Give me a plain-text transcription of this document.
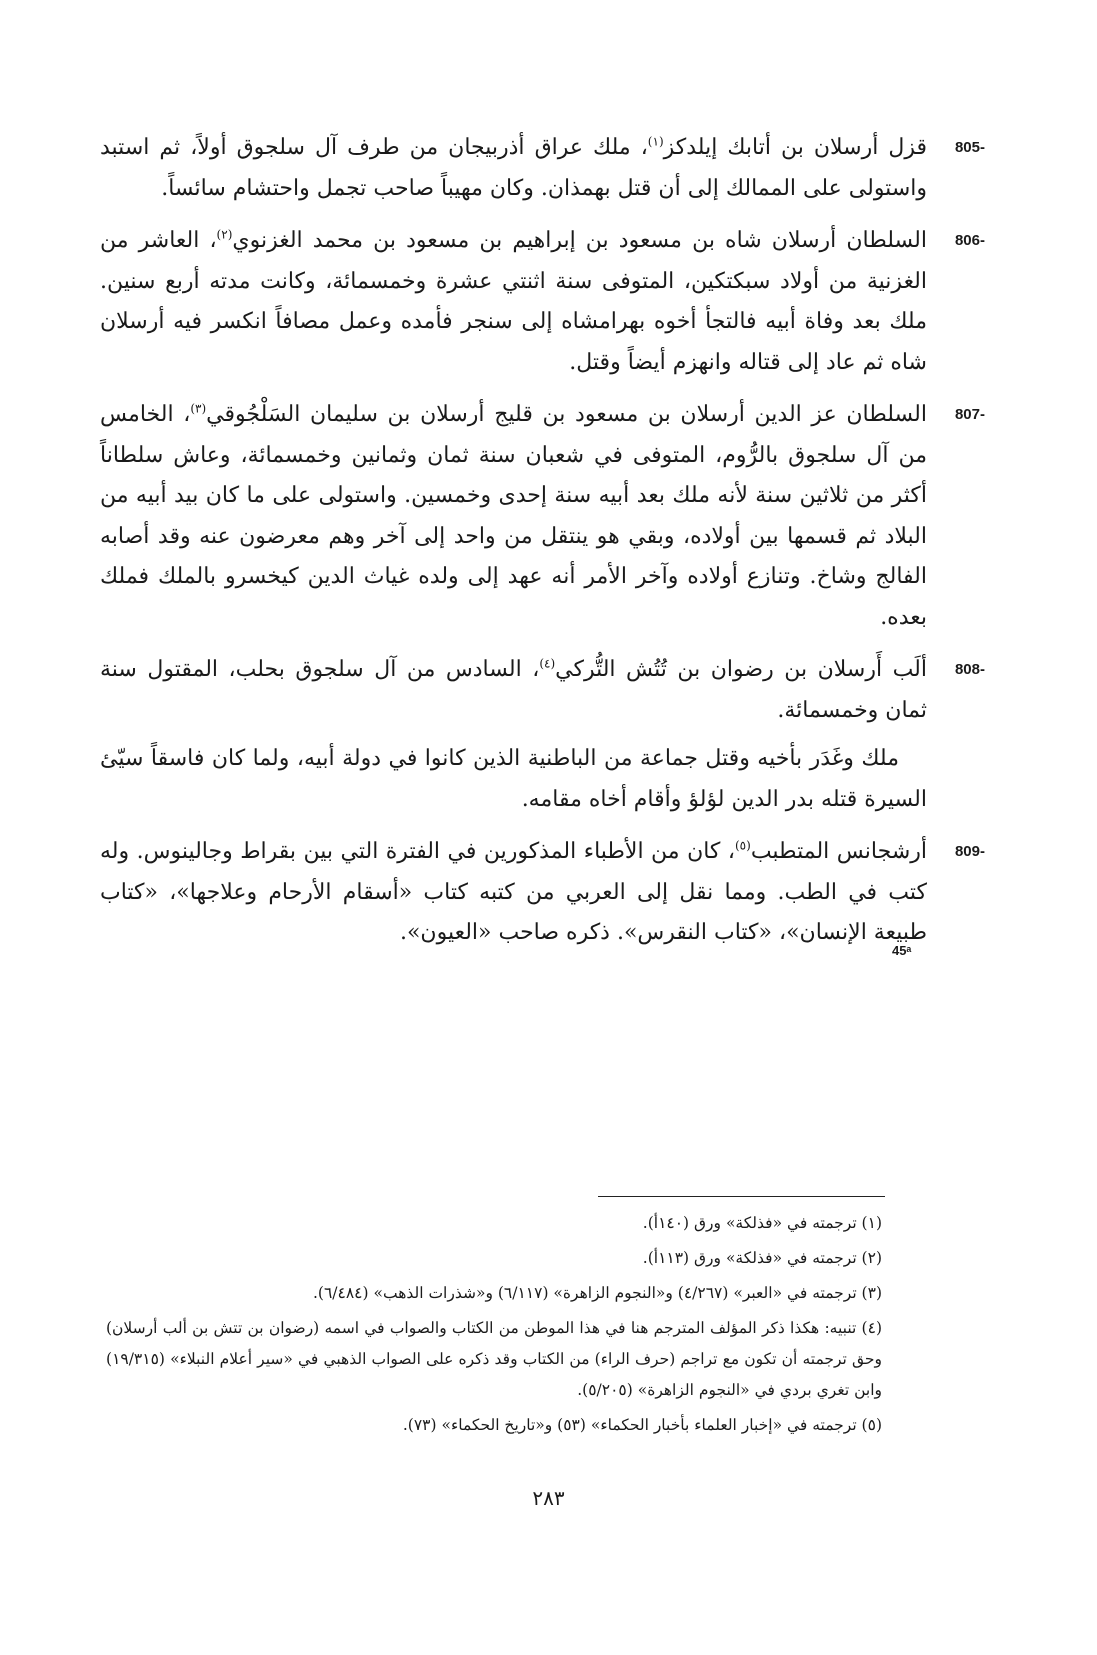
805-

قزل أرسلان بن أتابك إيلدكز$^{(١)}$، ملك عراق أذربيجان من طرف آل سلجوق أولاً، ثم استبد واستولى على الممالك إلى أن قتل بهمذان. وكان مهيباً صاحب تجمل واحتشام سائساً.

806-

السلطان أرسلان شاه بن مسعود بن إبراهيم بن مسعود بن محمد الغزنوي$^{(٢)}$، العاشر من الغزنية من أولاد سبكتكين، المتوفى سنة اثنتي عشرة وخمسمائة، وكانت مدته أربع سنين. ملك بعد وفاة أبيه فالتجأ أخوه بهرامشاه إلى سنجر فأمده وعمل مصافاً انكسر فيه أرسلان شاه ثم عاد إلى قتاله وانهزم أيضاً وقتل.

807-

السلطان عز الدين أرسلان بن مسعود بن قليج أرسلان بن سليمان السَلْجُوقي$^{(٣)}$، الخامس من آل سلجوق بالرُّوم، المتوفى في شعبان سنة ثمان وثمانين وخمسمائة، وعاش سلطاناً أكثر من ثلاثين سنة لأنه ملك بعد أبيه سنة إحدى وخمسين. واستولى على ما كان بيد أبيه من البلاد ثم قسمها بين أولاده، وبقي هو ينتقل من واحد إلى آخر وهم معرضون عنه وقد أصابه الفالج وشاخ. وتنازع أولاده وآخر الأمر أنه عهد إلى ولده غياث الدين كيخسرو بالملك فملك بعده.

808-

ألَب أَرسلان بن رضوان بن تُتُش التُّركي$^{(٤)}$، السادس من آل سلجوق بحلب، المقتول سنة ثمان وخمسمائة.

ملك وغَدَر بأخيه وقتل جماعة من الباطنية الذين كانوا في دولة أبيه، ولما كان فاسقاً سيّئ السيرة قتله بدر الدين لؤلؤ وأقام أخاه مقامه.

809-

أرشجانس المتطبب$^{(٥)}$، كان من الأطباء المذكورين في الفترة التي بين بقراط وجالينوس. وله كتب في الطب. ومما نقل إلى العربي من كتبه كتاب «أسقام الأرحام وعلاجها»، «كتاب طبيعة الإنسان»، «كتاب النقرس». ذكره صاحب «العيون».

45ᵃ

(١) ترجمته في «فذلكة» ورق (١٤٠أ).

(٢) ترجمته في «فذلكة» ورق (١١٣أ).

(٣) ترجمته في «العبر» (٤/٢٦٧) و«النجوم الزاهرة» (٦/١١٧) و«شذرات الذهب» (٦/٤٨٤).

(٤) تنبيه: هكذا ذكر المؤلف المترجم هنا في هذا الموطن من الكتاب والصواب في اسمه (رضوان بن تتش بن ألب أرسلان) وحق ترجمته أن تكون مع تراجم (حرف الراء) من الكتاب وقد ذكره على الصواب الذهبي في «سير أعلام النبلاء» (١٩/٣١٥) وابن تغري بردي في «النجوم الزاهرة» (٥/٢٠٥).

(٥) ترجمته في «إخبار العلماء بأخبار الحكماء» (٥٣) و«تاريخ الحكماء» (٧٣).

٢٨٣
